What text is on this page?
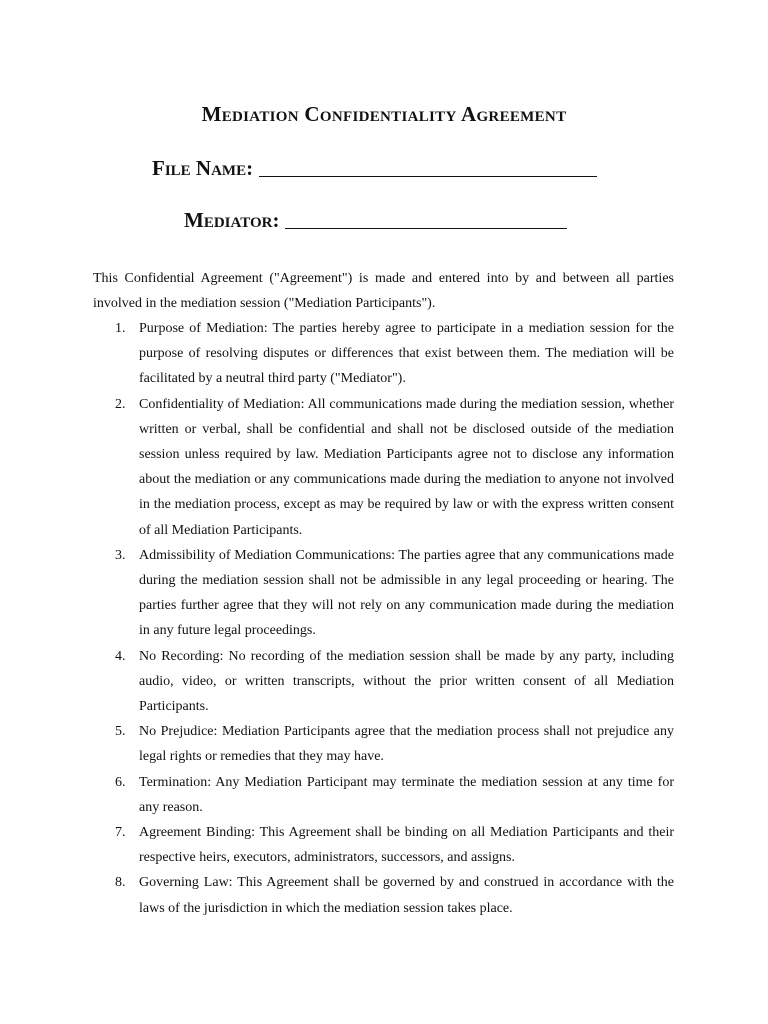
Mediation Confidentiality Agreement
File Name:
Mediator:

This Confidential Agreement ("Agreement") is made and entered into by and between all parties involved in the mediation session ("Mediation Participants").

1. Purpose of Mediation: The parties hereby agree to participate in a mediation session for the purpose of resolving disputes or differences that exist between them. The mediation will be facilitated by a neutral third party ("Mediator").
2. Confidentiality of Mediation: All communications made during the mediation session, whether written or verbal, shall be confidential and shall not be disclosed outside of the mediation session unless required by law. Mediation Participants agree not to disclose any information about the mediation or any communications made during the mediation to anyone not involved in the mediation process, except as may be required by law or with the express written consent of all Mediation Participants.
3. Admissibility of Mediation Communications: The parties agree that any communications made during the mediation session shall not be admissible in any legal proceeding or hearing. The parties further agree that they will not rely on any communication made during the mediation in any future legal proceedings.
4. No Recording: No recording of the mediation session shall be made by any party, including audio, video, or written transcripts, without the prior written consent of all Mediation Participants.
5. No Prejudice: Mediation Participants agree that the mediation process shall not prejudice any legal rights or remedies that they may have.
6. Termination: Any Mediation Participant may terminate the mediation session at any time for any reason.
7. Agreement Binding: This Agreement shall be binding on all Mediation Participants and their respective heirs, executors, administrators, successors, and assigns.
8. Governing Law: This Agreement shall be governed by and construed in accordance with the laws of the jurisdiction in which the mediation session takes place.
